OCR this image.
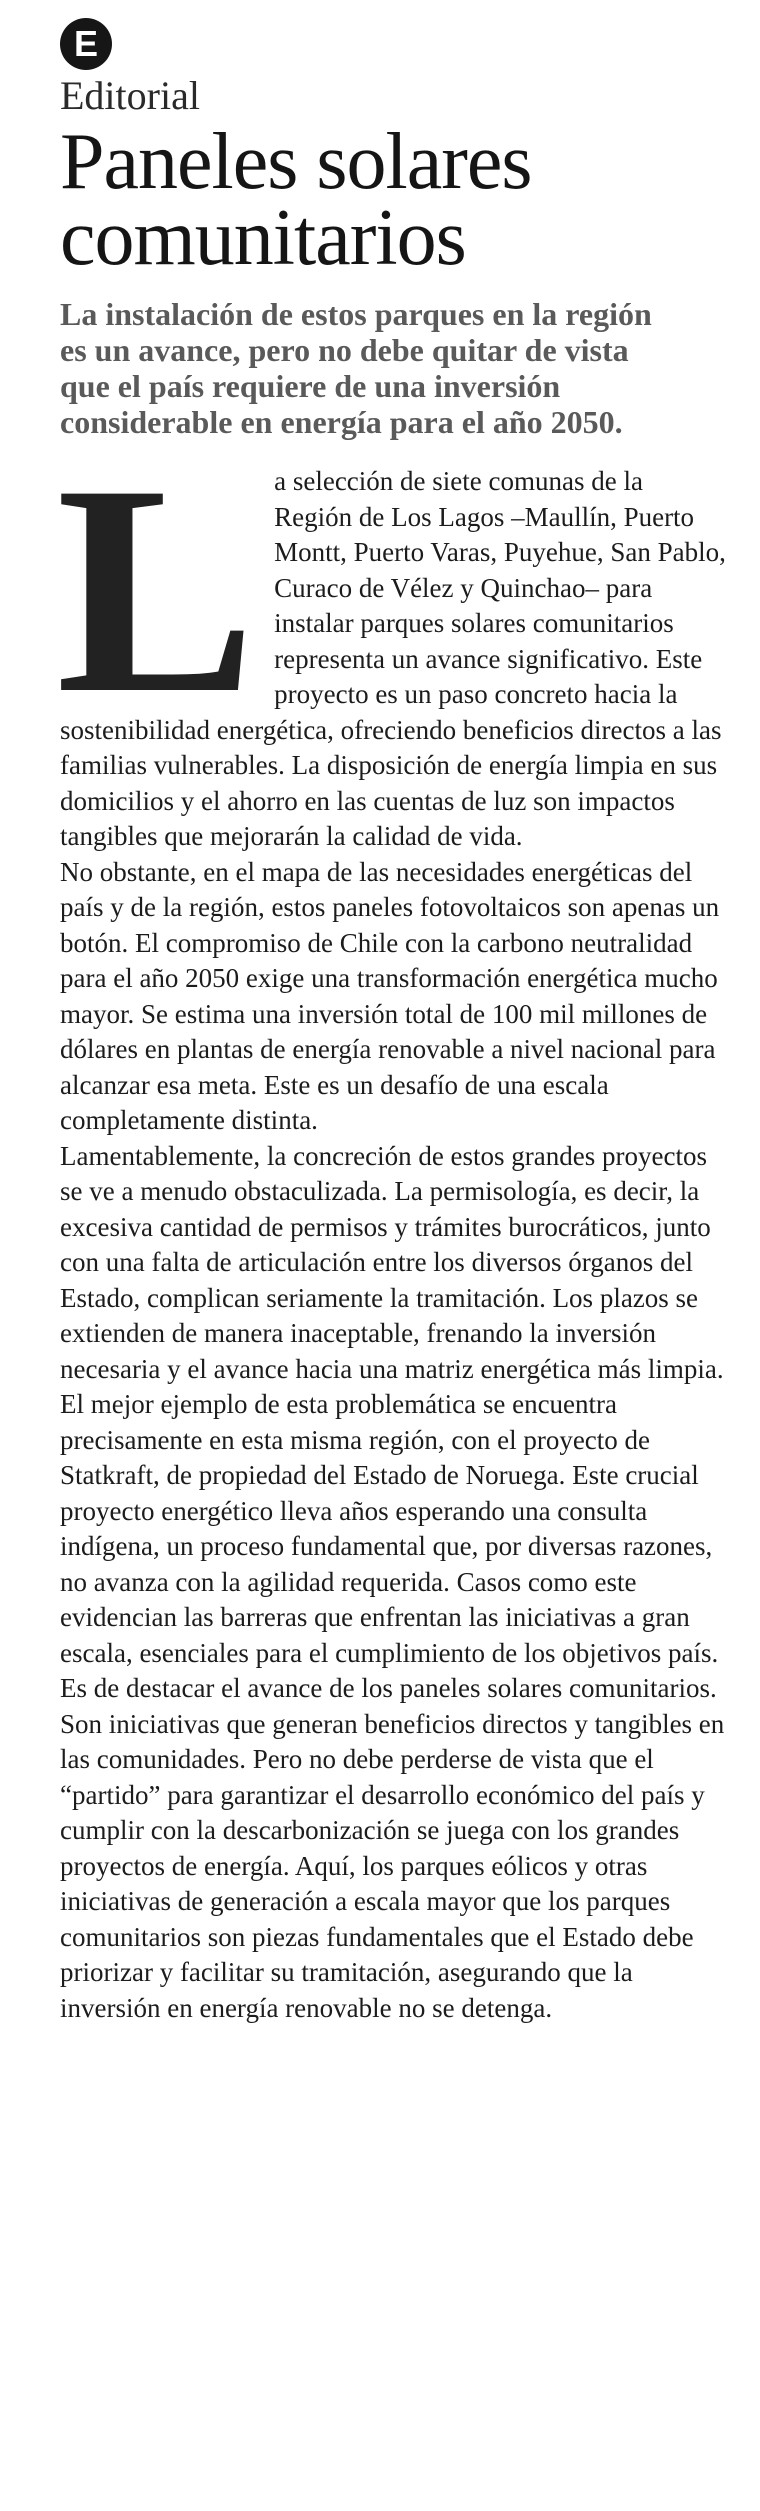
E
Editorial
Paneles solares
comunitarios
La instalación de estos parques en la región
es un avance, pero no debe quitar de vista
que el país requiere de una inversión
considerable en energía para el año 2050.
L a selección de siete comunas de la Región de Los Lagos –Maullín, Puerto Montt, Puerto Varas, Puyehue, San Pablo, Curaco de Vélez y Quinchao– para instalar parques solares comunitarios representa un avance significativo. Este proyecto es un paso concreto hacia la sostenibilidad energética, ofreciendo beneficios directos a las familias vulnerables. La disposición de energía limpia en sus domicilios y el ahorro en las cuentas de luz son impactos tangibles que mejorarán la calidad de vida.

No obstante, en el mapa de las necesidades energéticas del país y de la región, estos paneles fotovoltaicos son apenas un botón. El compromiso de Chile con la carbono neutralidad para el año 2050 exige una transformación energética mucho mayor. Se estima una inversión total de 100 mil millones de dólares en plantas de energía renovable a nivel nacional para alcanzar esa meta. Este es un desafío de una escala completamente distinta.

Lamentablemente, la concreción de estos grandes proyectos se ve a menudo obstaculizada. La permisología, es decir, la excesiva cantidad de permisos y trámites burocráticos, junto con una falta de articulación entre los diversos órganos del Estado, complican seriamente la tramitación. Los plazos se extienden de manera inaceptable, frenando la inversión necesaria y el avance hacia una matriz energética más limpia.

El mejor ejemplo de esta problemática se encuentra precisamente en esta misma región, con el proyecto de Statkraft, de propiedad del Estado de Noruega. Este crucial proyecto energético lleva años esperando una consulta indígena, un proceso fundamental que, por diversas razones, no avanza con la agilidad requerida. Casos como este evidencian las barreras que enfrentan las iniciativas a gran escala, esenciales para el cumplimiento de los objetivos país.

Es de destacar el avance de los paneles solares comunitarios. Son iniciativas que generan beneficios directos y tangibles en las comunidades. Pero no debe perderse de vista que el “partido” para garantizar el desarrollo económico del país y cumplir con la descarbonización se juega con los grandes proyectos de energía. Aquí, los parques eólicos y otras iniciativas de generación a escala mayor que los parques comunitarios son piezas fundamentales que el Estado debe priorizar y facilitar su tramitación, asegurando que la inversión en energía renovable no se detenga.
